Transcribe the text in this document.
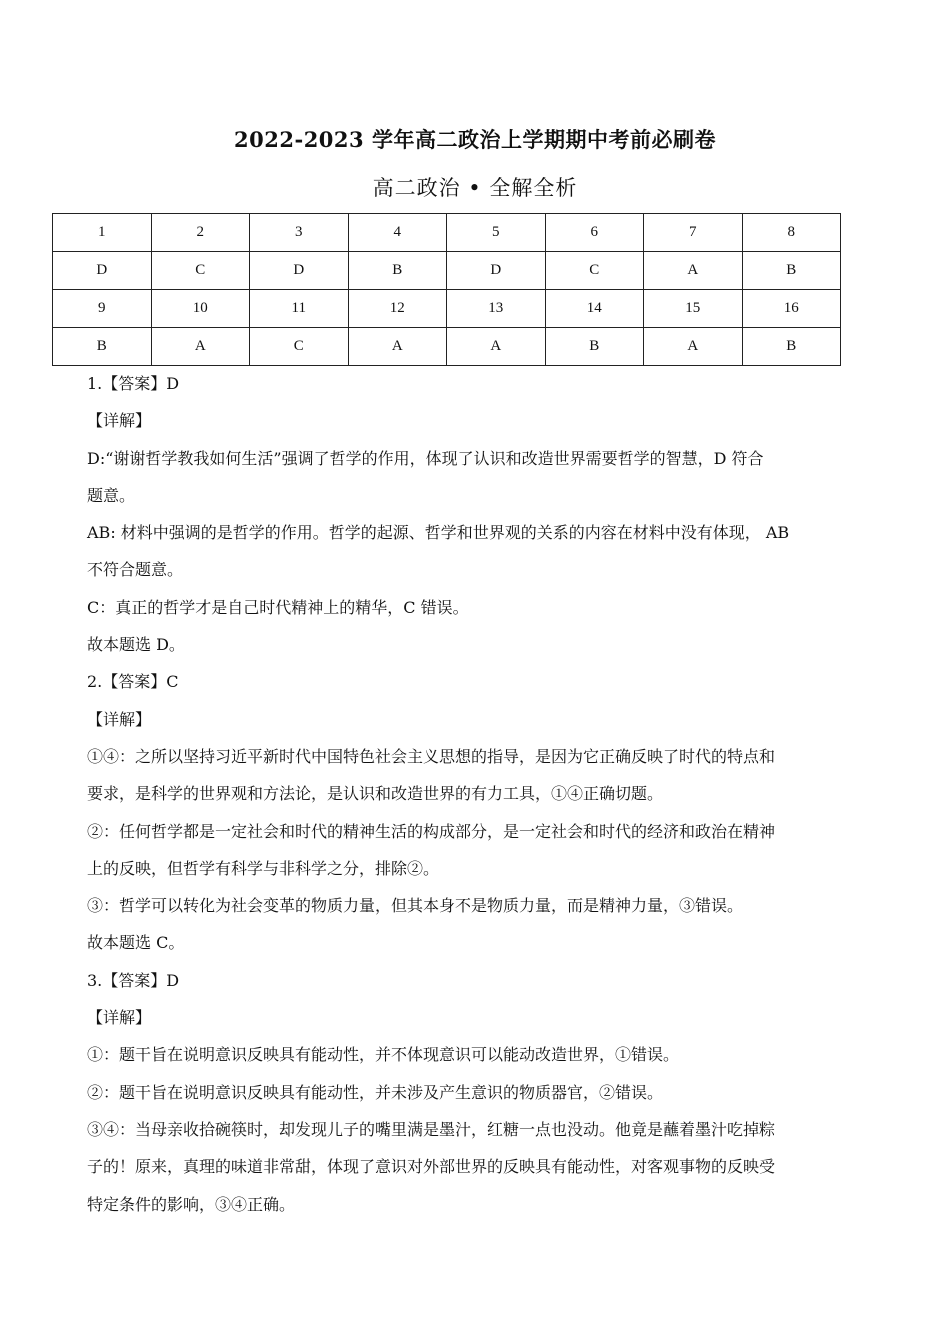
2022-2023 学年高二政治上学期期中考前必刷卷
高二政治 • 全解全析
1	2	3	4	5	6	7	8
D	C	D	B	D	C	A	B
9	10	11	12	13	14	15	16
B	A	C	A	A	B	A	B
1.【答案】D
【详解】
D:“谢谢哲学教我如何生活”强调了哲学的作用，体现了认识和改造世界需要哲学的智慧，D 符合
题意。
AB: 材料中强调的是哲学的作用。哲学的起源、哲学和世界观的关系的内容在材料中没有体现， AB
不符合题意。
C：真正的哲学才是自己时代精神上的精华，C 错误。
故本题选 D。
2.【答案】C
【详解】
①④：之所以坚持习近平新时代中国特色社会主义思想的指导，是因为它正确反映了时代的特点和
要求，是科学的世界观和方法论，是认识和改造世界的有力工具，①④正确切题。
②：任何哲学都是一定社会和时代的精神生活的构成部分，是一定社会和时代的经济和政治在精神
上的反映，但哲学有科学与非科学之分，排除②。
③：哲学可以转化为社会变革的物质力量，但其本身不是物质力量，而是精神力量，③错误。
故本题选 C。
3.【答案】D
【详解】
①：题干旨在说明意识反映具有能动性，并不体现意识可以能动改造世界，①错误。
②：题干旨在说明意识反映具有能动性，并未涉及产生意识的物质器官，②错误。
③④：当母亲收拾碗筷时，却发现儿子的嘴里满是墨汁，红糖一点也没动。他竟是蘸着墨汁吃掉粽
子的！原来，真理的味道非常甜，体现了意识对外部世界的反映具有能动性，对客观事物的反映受
特定条件的影响，③④正确。
